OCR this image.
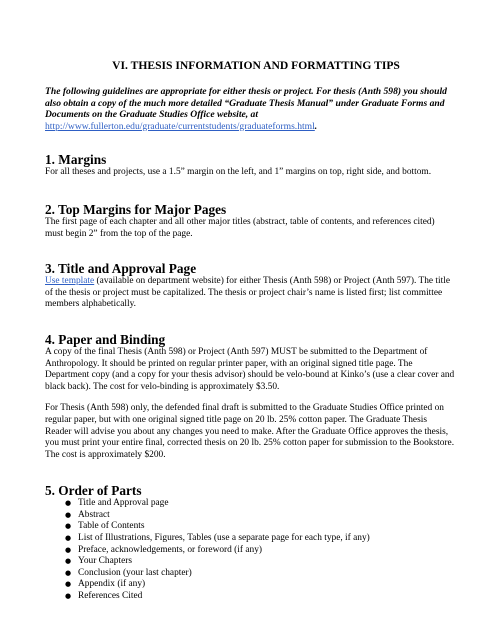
VI. THESIS INFORMATION AND FORMATTING TIPS

The following guidelines are appropriate for either thesis or project. For thesis (Anth 598) you should also obtain a copy of the much more detailed “Graduate Thesis Manual” under Graduate Forms and Documents on the Graduate Studies Office website, at http://www.fullerton.edu/graduate/currentstudents/graduateforms.html.

1. Margins

For all theses and projects, use a 1.5” margin on the left, and 1” margins on top, right side, and bottom.

2. Top Margins for Major Pages

The first page of each chapter and all other major titles (abstract, table of contents, and references cited) must begin 2” from the top of the page.

3. Title and Approval Page

Use template (available on department website) for either Thesis (Anth 598) or Project (Anth 597). The title of the thesis or project must be capitalized. The thesis or project chair’s name is listed first; list committee members alphabetically.

4. Paper and Binding

A copy of the final Thesis (Anth 598) or Project (Anth 597) MUST be submitted to the Department of Anthropology. It should be printed on regular printer paper, with an original signed title page. The Department copy (and a copy for your thesis advisor) should be velo-bound at Kinko’s (use a clear cover and black back). The cost for velo-binding is approximately $3.50.

For Thesis (Anth 598) only, the defended final draft is submitted to the Graduate Studies Office printed on regular paper, but with one original signed title page on 20 lb. 25% cotton paper. The Graduate Thesis Reader will advise you about any changes you need to make. After the Graduate Office approves the thesis, you must print your entire final, corrected thesis on 20 lb. 25% cotton paper for submission to the Bookstore. The cost is approximately $200.

5. Order of Parts
● Title and Approval page
● Abstract
● Table of Contents
● List of Illustrations, Figures, Tables (use a separate page for each type, if any)
● Preface, acknowledgements, or foreword (if any)
● Your Chapters
● Conclusion (your last chapter)
● Appendix (if any)
● References Cited
